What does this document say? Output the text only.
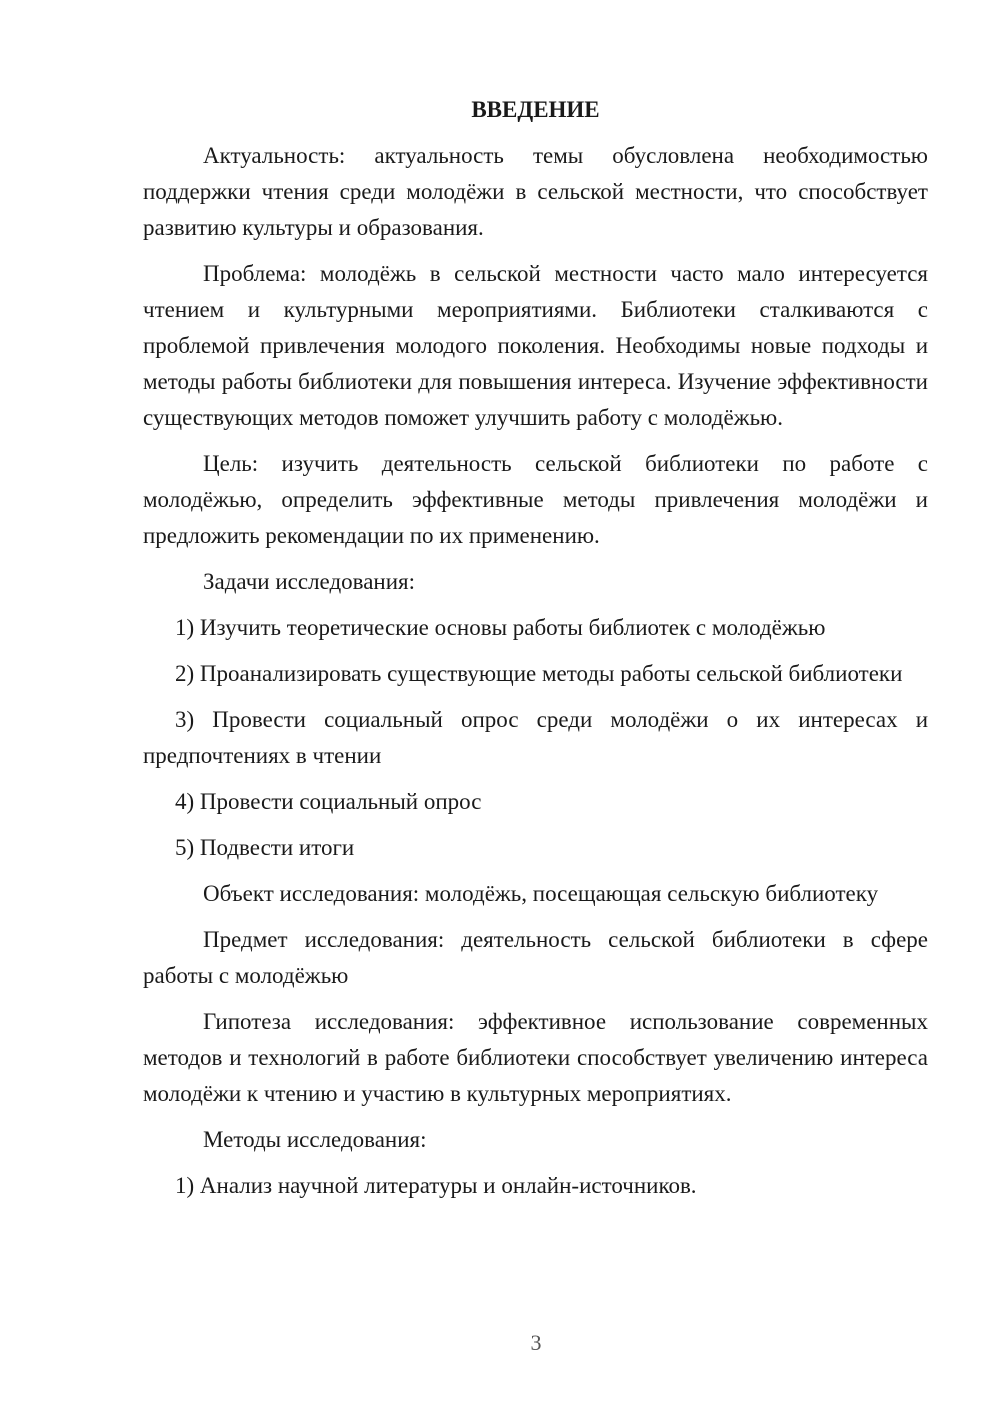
ВВЕДЕНИЕ

Актуальность: актуальность темы обусловлена необходимостью поддержки чтения среди молодёжи в сельской местности, что способствует развитию культуры и образования.

Проблема: молодёжь в сельской местности часто мало интересуется чтением и культурными мероприятиями. Библиотеки сталкиваются с проблемой привлечения молодого поколения. Необходимы новые подходы и методы работы библиотеки для повышения интереса. Изучение эффективности существующих методов поможет улучшить работу с молодёжью.

Цель: изучить деятельность сельской библиотеки по работе с молодёжью, определить эффективные методы привлечения молодёжи и предложить рекомендации по их применению.

Задачи исследования:

1) Изучить теоретические основы работы библиотек с молодёжью

2) Проанализировать существующие методы работы сельской библиотеки

3) Провести социальный опрос среди молодёжи о их интересах и предпочтениях в чтении

4) Провести социальный опрос

5) Подвести итоги

Объект исследования: молодёжь, посещающая сельскую библиотеку

Предмет исследования: деятельность сельской библиотеки в сфере работы с молодёжью

Гипотеза исследования: эффективное использование современных методов и технологий в работе библиотеки способствует увеличению интереса молодёжи к чтению и участию в культурных мероприятиях.

Методы исследования:

1) Анализ научной литературы и онлайн-источников.

3
